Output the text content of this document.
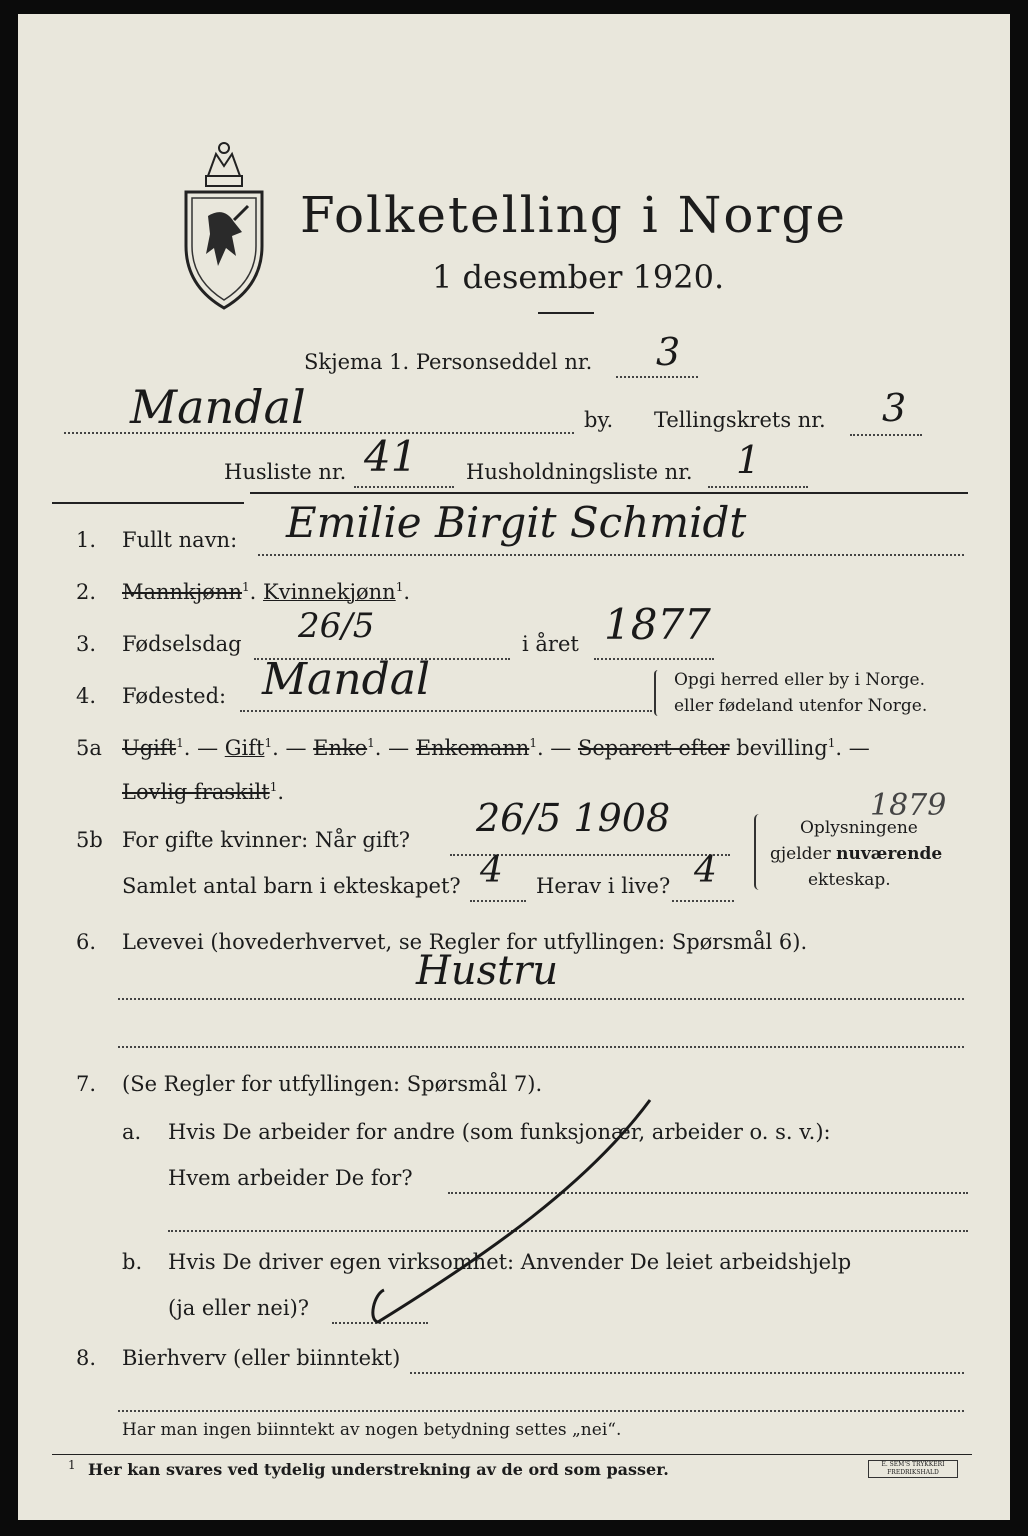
Folketelling i Norge
1 desember 1920.
Skjema 1. Personseddel nr. 3
Mandal	by. Tellingskrets nr. 3
Husliste nr. 41 Husholdningsliste nr. 1
1. Fullt navn: Emilie Birgit Schmidt
2. Mannkjønn$^1$. Kvinnekjønn$^1$.
3. Fødselsdag 26/5	i året 1877
4. Fødested: Mandal	Opgi herred eller by i Norge.
eller fødeland utenfor Norge.
5a Ugift$^1$. — Gift$^1$. — Enke$^1$. — Enkemann$^1$. — Separert efter bevilling$^1$. —
Lovlig fraskilt$^1$.
5b For gifte kvinner: Når gift? 26/5 1908	1879
Samlet antal barn i ekteskapet? 4 Herav i live? 4
Oplysningene
gjelder nuværende
ekteskap.
6. Levevei (hovederhvervet, se Regler for utfyllingen: Spørsmål 6).
Hustru
7. (Se Regler for utfyllingen: Spørsmål 7).
a. Hvis De arbeider for andre (som funksjonær, arbeider o. s. v.):
Hvem arbeider De for?
b. Hvis De driver egen virksomhet: Anvender De leiet arbeidshjelp
(ja eller nei)?
8. Bierhverv (eller biinntekt)
Har man ingen biinntekt av nogen betydning settes „nei“.
1 Her kan svares ved tydelig understrekning av de ord som passer.	E. SEM'S TRYKKERI FREDRIKSHALD
